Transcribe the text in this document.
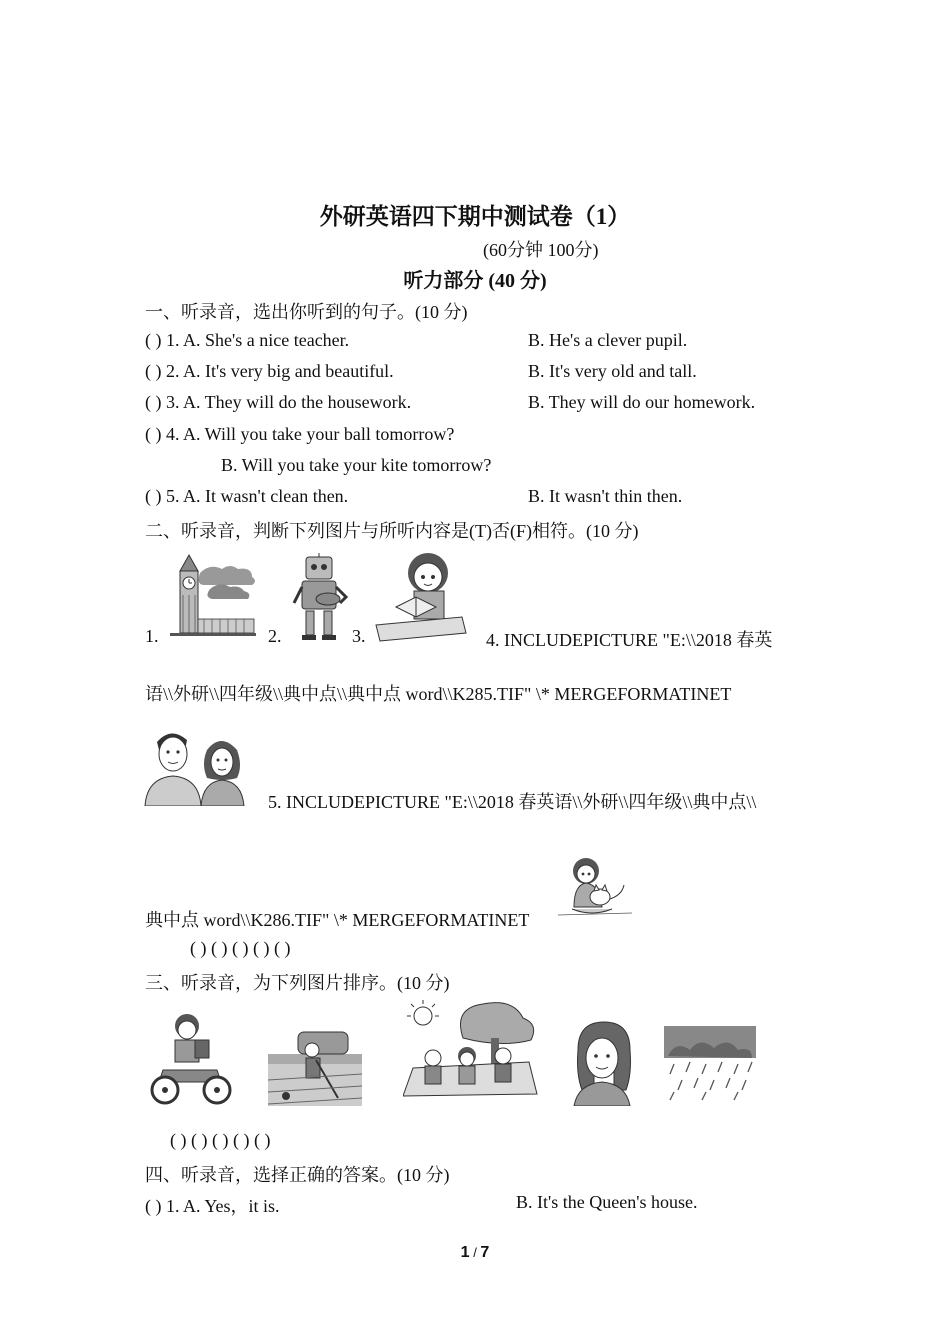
外研英语四下期中测试卷（1）
(60分钟 100分)
听力部分 (40 分)
一、听录音，选出你听到的句子。(10 分)
( ) 1. A. She's a nice teacher.	B. He's a clever pupil.
( ) 2. A. It's very big and beautiful.	B. It's very old and tall.
( ) 3. A. They will do the housework.	B. They will do our homework.
( ) 4. A. Will you take your ball tomorrow?
B. Will you take your kite tomorrow?
( ) 5. A. It wasn't clean then.	B. It wasn't thin then.
二、听录音，判断下列图片与所听内容是(T)否(F)相符。(10 分)
1.	2.	3.	4. INCLUDEPICTURE "E:\\2018 春英
语\\外研\\四年级\\典中点\\典中点 word\\K285.TIF" \* MERGEFORMATINET
5. INCLUDEPICTURE "E:\\2018 春英语\\外研\\四年级\\典中点\\
典中点 word\\K286.TIF" \* MERGEFORMATINET
( ) ( ) ( ) ( ) ( )
三、听录音，为下列图片排序。(10 分)
( ) ( ) ( ) ( ) ( )
四、听录音，选择正确的答案。(10 分)
( ) 1. A. Yes，it is.	B. It's the Queen's house.
1 / 7
